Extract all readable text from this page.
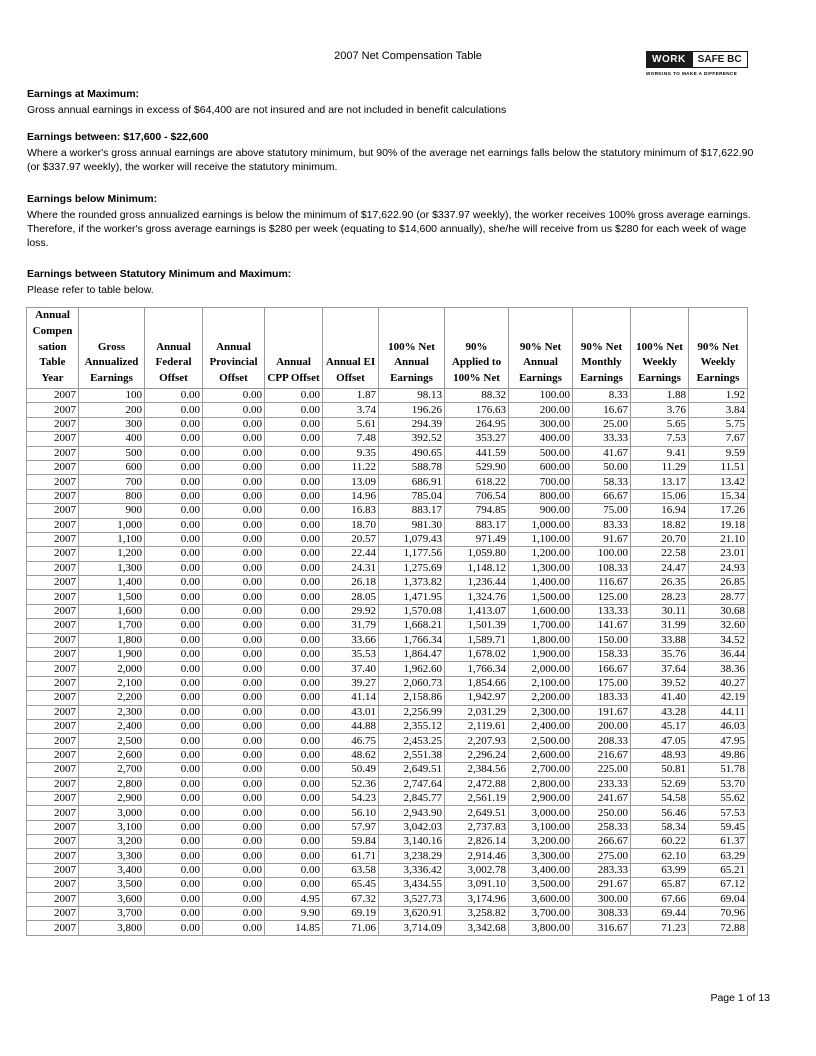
2007 Net Compensation Table	WORK	SAFE BC
WORKING TO MAKE A DIFFERENCE
Earnings at Maximum:

Gross annual earnings in excess of $64,400 are not insured and are not included in benefit calculations

Earnings between: $17,600 - $22,600

Where a worker's gross annual earnings are above statutory minimum, but 90% of the average net earnings falls below the statutory minimum of $17,622.90 (or $337.97 weekly), the worker will receive the statutory minimum.

Earnings below Minimum:

Where the rounded gross annualized earnings is below the minimum of $17,622.90 (or $337.97 weekly), the worker receives 100% gross average earnings. Therefore, if the worker's gross average earnings is $280 per week (equating to $14,600 annually), she/he will receive from us $280 for each week of wage loss.

Earnings between Statutory Minimum and Maximum:

Please refer to table below.

Annual Compen sation Table Year	Gross Annualized Earnings	Annual Federal Offset	Annual Provincial Offset	Annual CPP Offset	Annual EI Offset	100% Net Annual Earnings	90% Applied to 100% Net	90% Net Annual Earnings	90% Net Monthly Earnings	100% Net Weekly Earnings	90% Net Weekly Earnings
2007	100	0.00	0.00	0.00	1.87	98.13	88.32	100.00	8.33	1.88	1.92
2007	200	0.00	0.00	0.00	3.74	196.26	176.63	200.00	16.67	3.76	3.84
2007	300	0.00	0.00	0.00	5.61	294.39	264.95	300.00	25.00	5.65	5.75
2007	400	0.00	0.00	0.00	7.48	392.52	353.27	400.00	33.33	7.53	7.67
2007	500	0.00	0.00	0.00	9.35	490.65	441.59	500.00	41.67	9.41	9.59
2007	600	0.00	0.00	0.00	11.22	588.78	529.90	600.00	50.00	11.29	11.51
2007	700	0.00	0.00	0.00	13.09	686.91	618.22	700.00	58.33	13.17	13.42
2007	800	0.00	0.00	0.00	14.96	785.04	706.54	800.00	66.67	15.06	15.34
2007	900	0.00	0.00	0.00	16.83	883.17	794.85	900.00	75.00	16.94	17.26
2007	1,000	0.00	0.00	0.00	18.70	981.30	883.17	1,000.00	83.33	18.82	19.18
2007	1,100	0.00	0.00	0.00	20.57	1,079.43	971.49	1,100.00	91.67	20.70	21.10
2007	1,200	0.00	0.00	0.00	22.44	1,177.56	1,059.80	1,200.00	100.00	22.58	23.01
2007	1,300	0.00	0.00	0.00	24.31	1,275.69	1,148.12	1,300.00	108.33	24.47	24.93
2007	1,400	0.00	0.00	0.00	26.18	1,373.82	1,236.44	1,400.00	116.67	26.35	26.85
2007	1,500	0.00	0.00	0.00	28.05	1,471.95	1,324.76	1,500.00	125.00	28.23	28.77
2007	1,600	0.00	0.00	0.00	29.92	1,570.08	1,413.07	1,600.00	133.33	30.11	30.68
2007	1,700	0.00	0.00	0.00	31.79	1,668.21	1,501.39	1,700.00	141.67	31.99	32.60
2007	1,800	0.00	0.00	0.00	33.66	1,766.34	1,589.71	1,800.00	150.00	33.88	34.52
2007	1,900	0.00	0.00	0.00	35.53	1,864.47	1,678.02	1,900.00	158.33	35.76	36.44
2007	2,000	0.00	0.00	0.00	37.40	1,962.60	1,766.34	2,000.00	166.67	37.64	38.36
2007	2,100	0.00	0.00	0.00	39.27	2,060.73	1,854.66	2,100.00	175.00	39.52	40.27
2007	2,200	0.00	0.00	0.00	41.14	2,158.86	1,942.97	2,200.00	183.33	41.40	42.19
2007	2,300	0.00	0.00	0.00	43.01	2,256.99	2,031.29	2,300.00	191.67	43.28	44.11
2007	2,400	0.00	0.00	0.00	44.88	2,355.12	2,119.61	2,400.00	200.00	45.17	46.03
2007	2,500	0.00	0.00	0.00	46.75	2,453.25	2,207.93	2,500.00	208.33	47.05	47.95
2007	2,600	0.00	0.00	0.00	48.62	2,551.38	2,296.24	2,600.00	216.67	48.93	49.86
2007	2,700	0.00	0.00	0.00	50.49	2,649.51	2,384.56	2,700.00	225.00	50.81	51.78
2007	2,800	0.00	0.00	0.00	52.36	2,747.64	2,472.88	2,800.00	233.33	52.69	53.70
2007	2,900	0.00	0.00	0.00	54.23	2,845.77	2,561.19	2,900.00	241.67	54.58	55.62
2007	3,000	0.00	0.00	0.00	56.10	2,943.90	2,649.51	3,000.00	250.00	56.46	57.53
2007	3,100	0.00	0.00	0.00	57.97	3,042.03	2,737.83	3,100.00	258.33	58.34	59.45
2007	3,200	0.00	0.00	0.00	59.84	3,140.16	2,826.14	3,200.00	266.67	60.22	61.37
2007	3,300	0.00	0.00	0.00	61.71	3,238.29	2,914.46	3,300.00	275.00	62.10	63.29
2007	3,400	0.00	0.00	0.00	63.58	3,336.42	3,002.78	3,400.00	283.33	63.99	65.21
2007	3,500	0.00	0.00	0.00	65.45	3,434.55	3,091.10	3,500.00	291.67	65.87	67.12
2007	3,600	0.00	0.00	4.95	67.32	3,527.73	3,174.96	3,600.00	300.00	67.66	69.04
2007	3,700	0.00	0.00	9.90	69.19	3,620.91	3,258.82	3,700.00	308.33	69.44	70.96
2007	3,800	0.00	0.00	14.85	71.06	3,714.09	3,342.68	3,800.00	316.67	71.23	72.88
Page 1 of 13
